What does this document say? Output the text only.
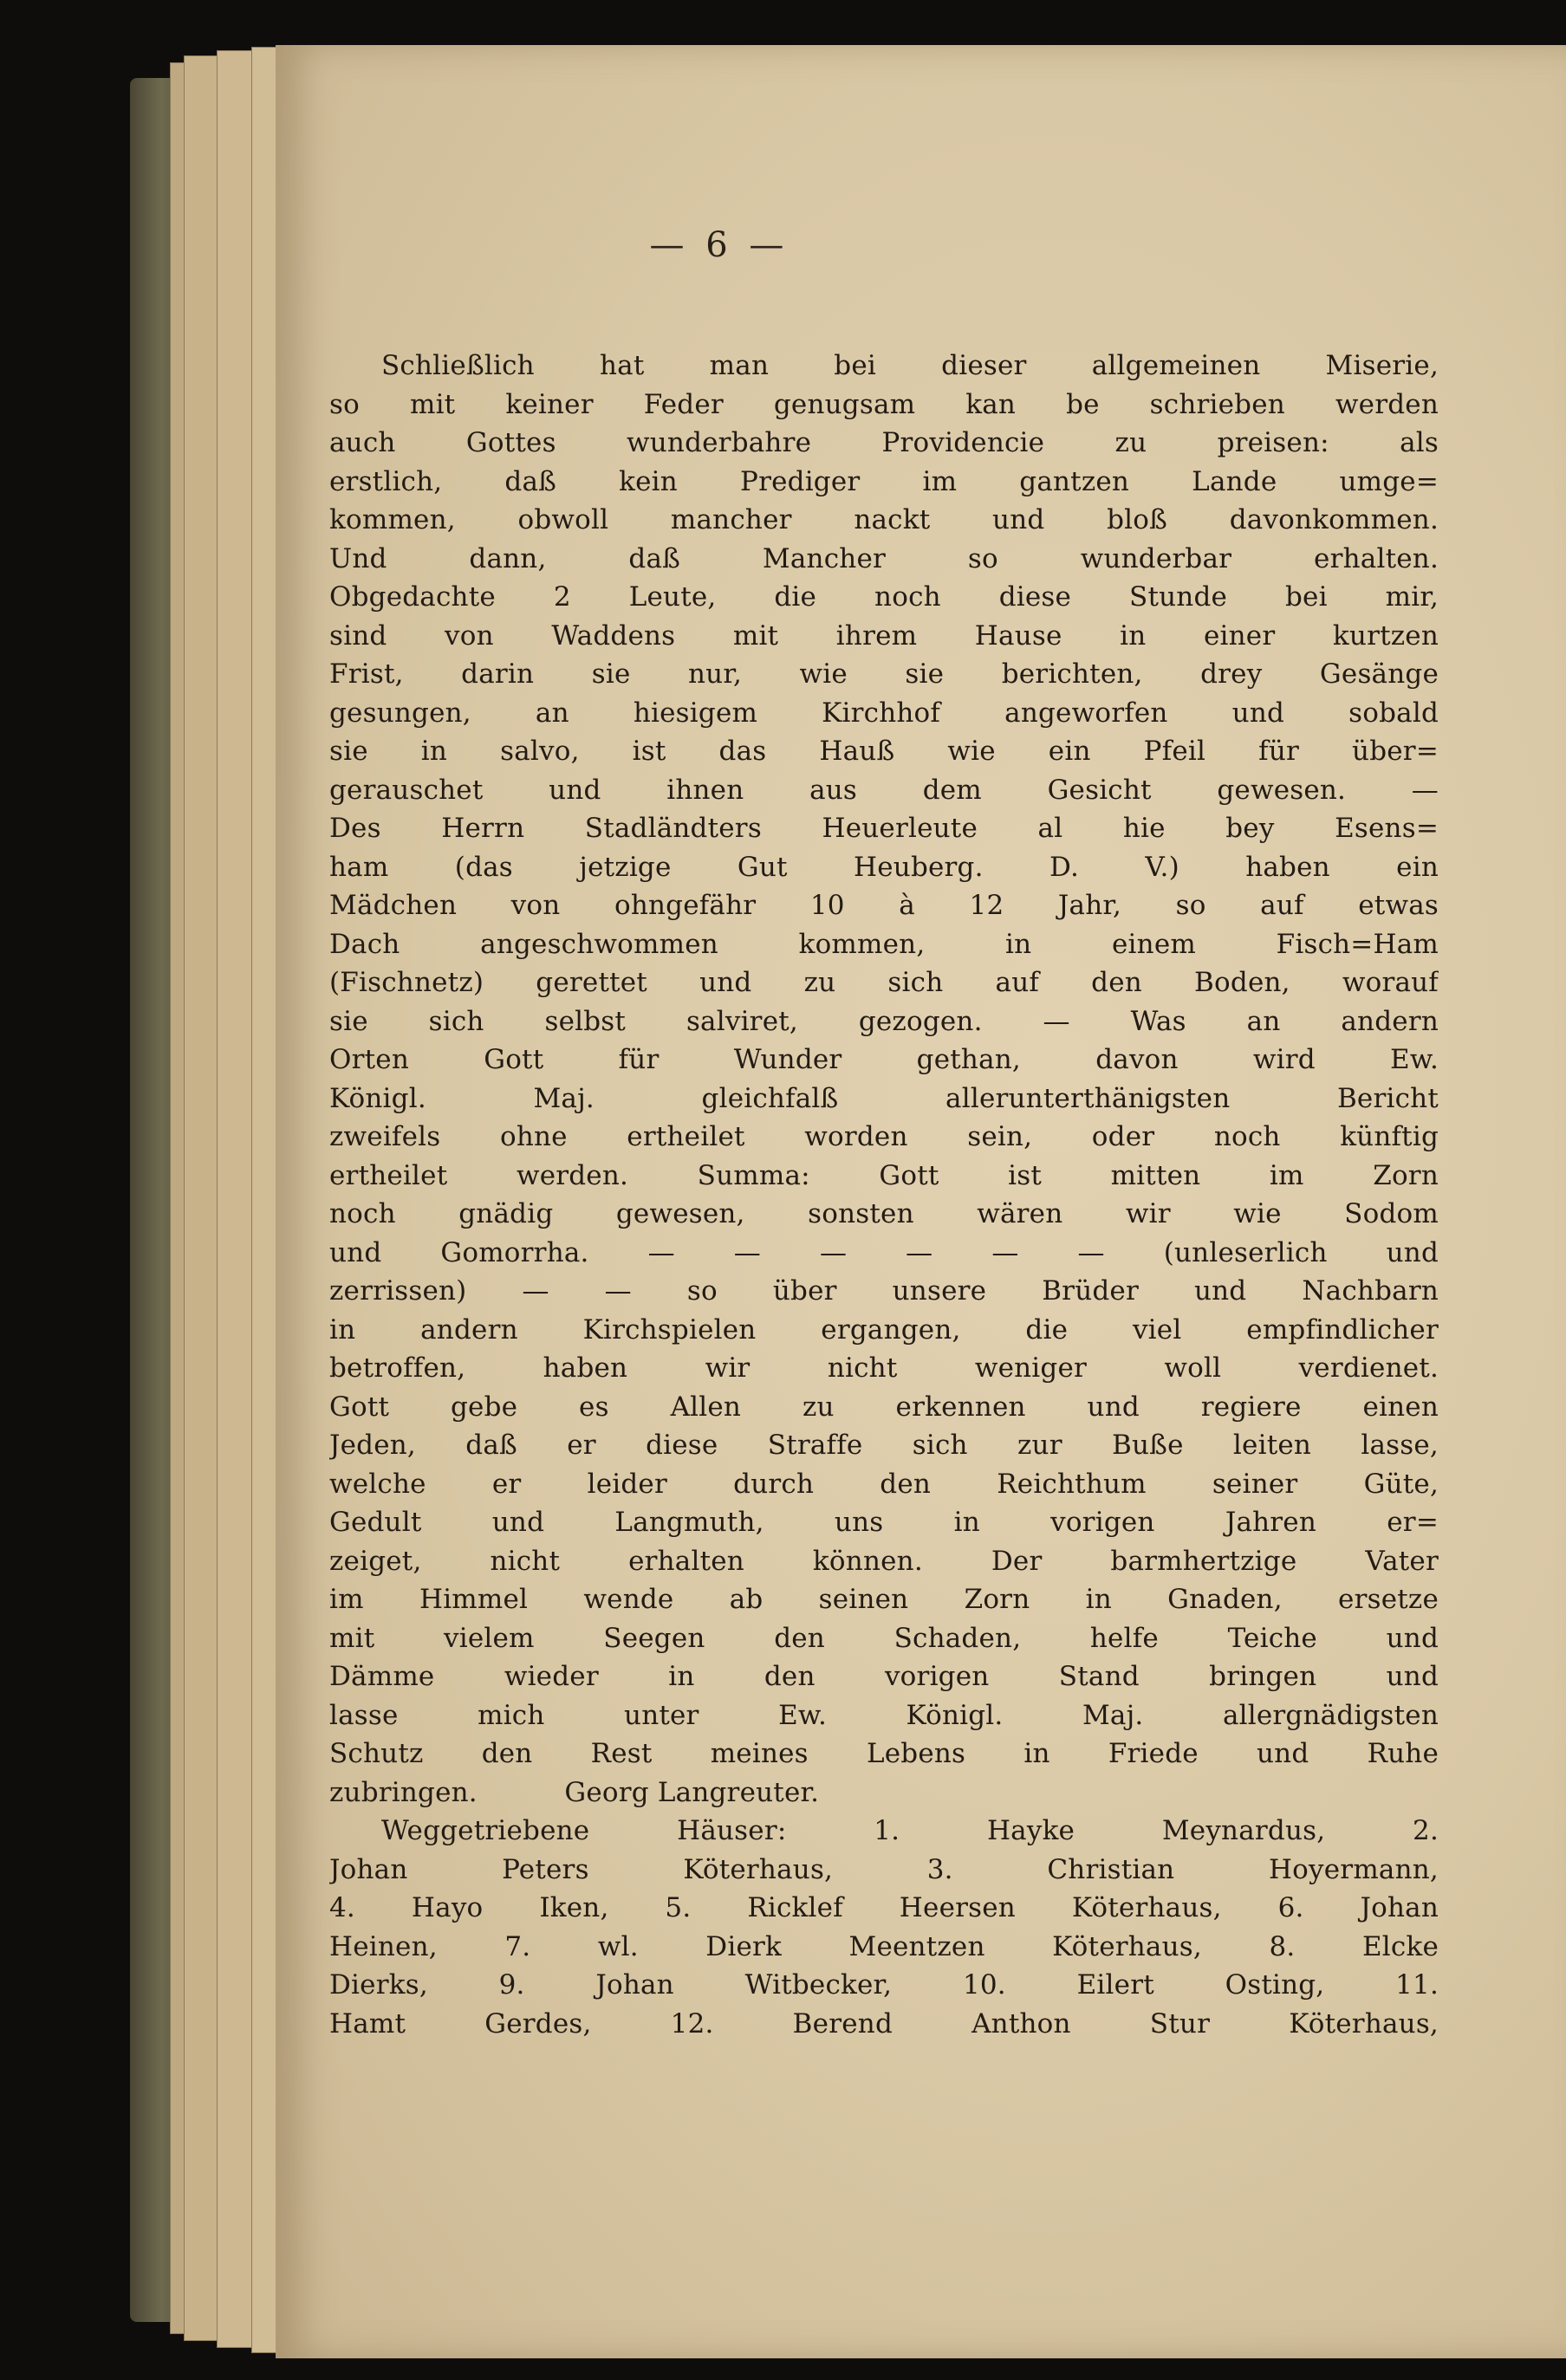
— 6 —
Schließlich hat man bei dieser allgemeinen Miserie,
so mit keiner Feder genugsam kan be schrieben werden
auch Gottes wunderbahre Providencie zu preisen: als
erstlich, daß kein Prediger im gantzen Lande umge=
kommen, obwoll mancher nackt und bloß davonkommen.
Und dann, daß Mancher so wunderbar erhalten.
Obgedachte 2 Leute, die noch diese Stunde bei mir,
sind von Waddens mit ihrem Hause in einer kurtzen
Frist, darin sie nur, wie sie berichten, drey Gesänge
gesungen, an hiesigem Kirchhof angeworfen und sobald
sie in salvo, ist das Hauß wie ein Pfeil für über=
gerauschet und ihnen aus dem Gesicht gewesen. —
Des Herrn Stadländters Heuerleute al hie bey Esens=
ham (das jetzige Gut Heuberg. D. V.) haben ein
Mädchen von ohngefähr 10 à 12 Jahr, so auf etwas
Dach angeschwommen kommen, in einem Fisch=Ham
(Fischnetz) gerettet und zu sich auf den Boden, worauf
sie sich selbst salviret, gezogen. — Was an andern
Orten Gott für Wunder gethan, davon wird Ew.
Königl. Maj. gleichfalß allerunterthänigsten Bericht
zweifels ohne ertheilet worden sein, oder noch künftig
ertheilet werden. Summa: Gott ist mitten im Zorn
noch gnädig gewesen, sonsten wären wir wie Sodom
und Gomorrha. — — — — — — (unleserlich und
zerrissen) — — so über unsere Brüder und Nachbarn
in andern Kirchspielen ergangen, die viel empfindlicher
betroffen, haben wir nicht weniger woll verdienet.
Gott gebe es Allen zu erkennen und regiere einen
Jeden, daß er diese Straffe sich zur Buße leiten lasse,
welche er leider durch den Reichthum seiner Güte,
Gedult und Langmuth, uns in vorigen Jahren er=
zeiget, nicht erhalten können. Der barmhertzige Vater
im Himmel wende ab seinen Zorn in Gnaden, ersetze
mit vielem Seegen den Schaden, helfe Teiche und
Dämme wieder in den vorigen Stand bringen und
lasse mich unter Ew. Königl. Maj. allergnädigsten
Schutz den Rest meines Lebens in Friede und Ruhe
zubringen.          Georg Langreuter.
Weggetriebene Häuser: 1. Hayke Meynardus, 2.
Johan Peters Köterhaus, 3. Christian Hoyermann,
4. Hayo Iken, 5. Ricklef Heersen Köterhaus, 6. Johan
Heinen, 7. wl. Dierk Meentzen Köterhaus, 8. Elcke
Dierks, 9. Johan Witbecker, 10. Eilert Osting, 11.
Hamt Gerdes, 12. Berend Anthon Stur Köterhaus,
